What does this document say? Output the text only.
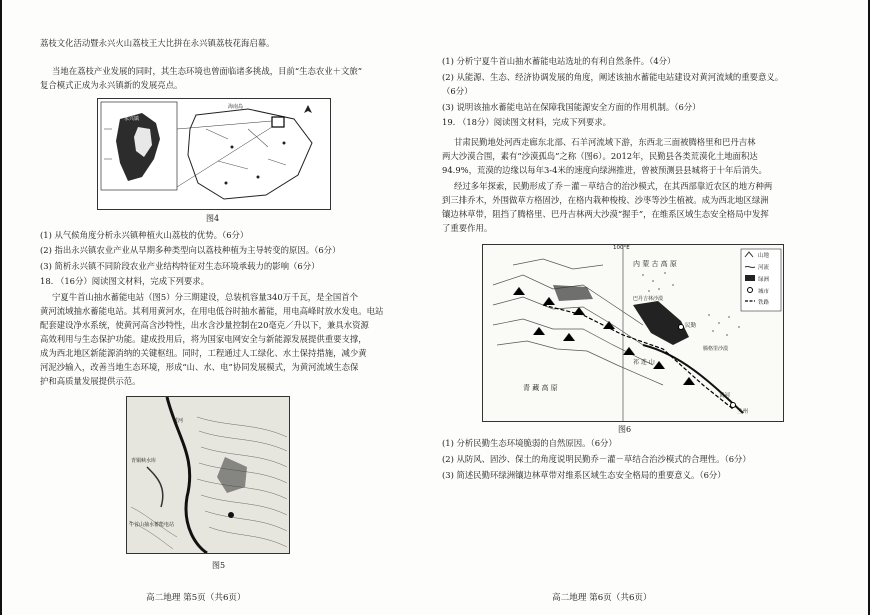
荔枝文化活动暨永兴火山荔枝王大比拼在永兴镇荔枝花海启幕。
当地在荔枝产业发展的同时，其生态环境也曾面临诸多挑战，目前“生态农业＋文旅”
复合模式正成为永兴镇新的发展亮点。
海南岛
永兴镇
图4
(1) 从气候角度分析永兴镇种植火山荔枝的优势。（6分）
(2) 指出永兴镇农业产业从早期多种类型向以荔枝种植为主导转变的原因。（6分）
(3) 简析永兴镇不同阶段农业产业结构特征对生态环境承载力的影响（6分）
18. （16分）阅读图文材料，完成下列要求。
宁夏牛首山抽水蓄能电站（图5）分三期建设，总装机容量340万千瓦，是全国首个
黄河流域抽水蓄能电站。其利用黄河水，在用电低谷时抽水蓄能，用电高峰时放水发电。电站
配套建设净水系统，使黄河高含沙特性，出水含沙量控制在20毫克／升以下，兼具水资源
高效利用与生态保护功能。建成投用后，将为国家电网安全与新能源发展提供重要支撑，
成为西北地区新能源消纳的关键枢纽。同时，工程通过人工绿化、水土保持措施，减少黄
河泥沙输入，改善当地生态环境，形成“山、水、电”协同发展模式，为黄河流域生态保
护和高质量发展提供示范。
黄河
青铜峡水库
牛首山抽水蓄能电站
图5
高二地理 第5页（共6页）
(1) 分析宁夏牛首山抽水蓄能电站选址的有利自然条件。（4分）
(2) 从能源、生态、经济协调发展的角度，阐述该抽水蓄能电站建设对黄河流域的重要意义。
（6分）
(3) 说明该抽水蓄能电站在保障我国能源安全方面的作用机制。（6分）
19. （18分）阅读图文材料，完成下列要求。
甘肃民勤地处河西走廊东北部、石羊河流域下游，东西北三面被腾格里和巴丹吉林
两大沙漠合围，素有“沙漠孤岛”之称（图6）。2012年，民勤县各类荒漠化土地面积达
94.9%，荒漠的边缘以每年3-4米的速度向绿洲推进，曾被预测县县城将于十年后消失。
经过多年探索，民勤形成了乔－灌－草结合的治沙模式，在其西部靠近农区的地方种两
到三排乔木，外围做草方格固沙，在格内栽种梭梭、沙枣等沙生植被。成为西北地区绿洲
镶边林草带，阻挡了腾格里、巴丹吉林两大沙漠“握手”，在维系区域生态安全格局中发挥
了重要作用。
100°E
内 蒙 古 高 原
青 藏 高 原
巴丹吉林沙漠
腾格里沙漠
民勤
兰州
祁 连 山
黄河
山地
河流
绿洲
城市
铁路
图6
(1) 分析民勤生态环境脆弱的自然原因。（6分）
(2) 从防风、固沙、保土的角度说明民勤乔－灌－草结合治沙模式的合理性。（6分）
(3) 简述民勤环绿洲镶边林草带对维系区域生态安全格局的重要意义。（6分）
高二地理 第6页（共6页）
